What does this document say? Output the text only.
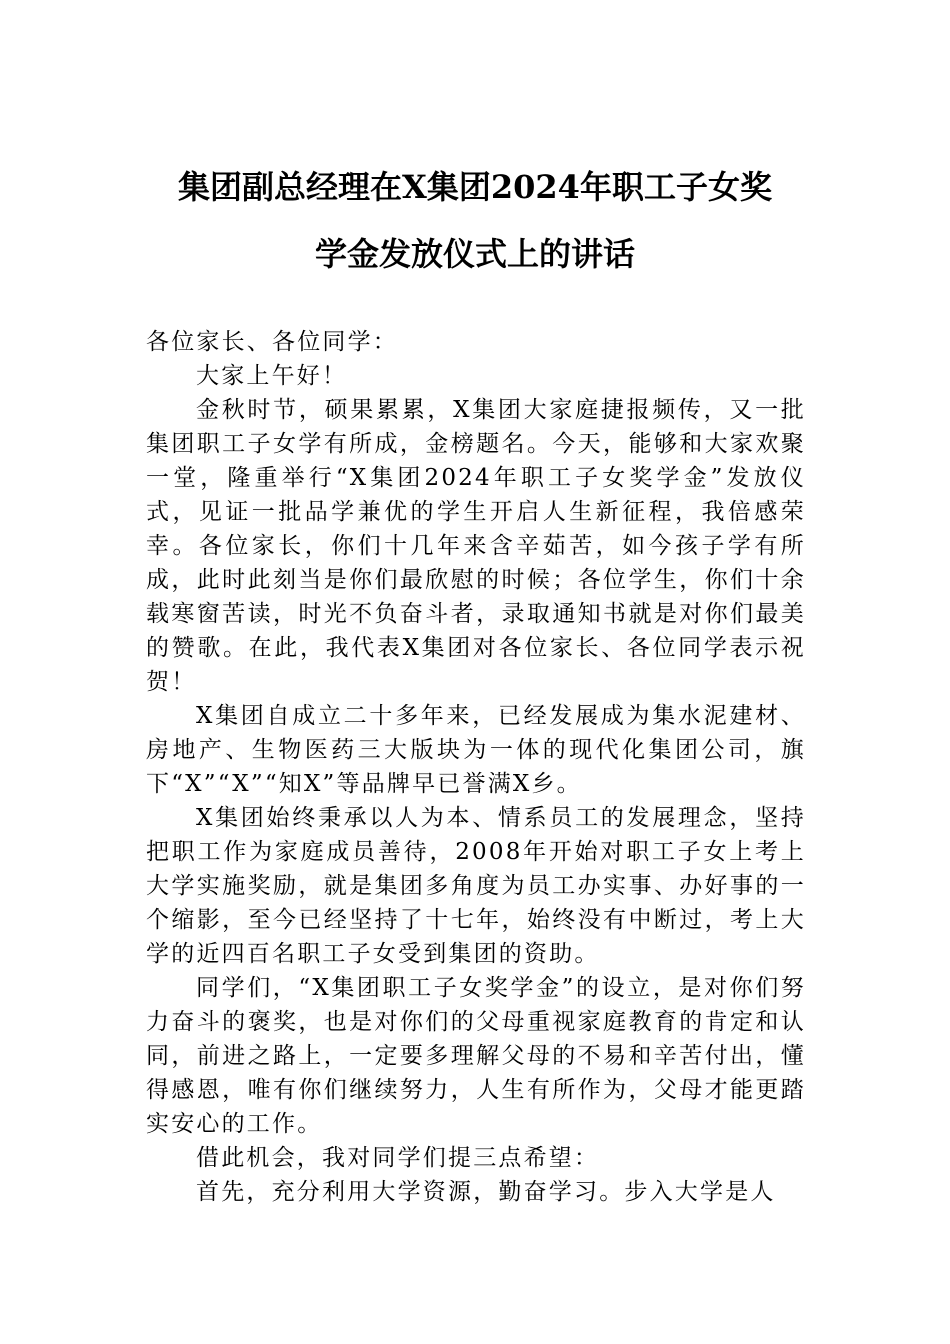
集团副总经理在X集团2024年职工子女奖
学金发放仪式上的讲话

各位家长、各位同学：

大家上午好！

金秋时节，硕果累累，X集团大家庭捷报频传，又一批集团职工子女学有所成，金榜题名。今天，能够和大家欢聚一堂，隆重举行“X集团2024年职工子女奖学金”发放仪式，见证一批品学兼优的学生开启人生新征程，我倍感荣幸。各位家长，你们十几年来含辛茹苦，如今孩子学有所成，此时此刻当是你们最欣慰的时候；各位学生，你们十余载寒窗苦读，时光不负奋斗者，录取通知书就是对你们最美的赞歌。在此，我代表X集团对各位家长、各位同学表示祝贺！

X集团自成立二十多年来，已经发展成为集水泥建材、房地产、生物医药三大版块为一体的现代化集团公司，旗下“X”“X”“知X”等品牌早已誉满X乡。

X集团始终秉承以人为本、情系员工的发展理念，坚持把职工作为家庭成员善待，2008年开始对职工子女上考上大学实施奖励，就是集团多角度为员工办实事、办好事的一个缩影，至今已经坚持了十七年，始终没有中断过，考上大学的近四百名职工子女受到集团的资助。

同学们，“X集团职工子女奖学金”的设立，是对你们努力奋斗的褒奖，也是对你们的父母重视家庭教育的肯定和认同，前进之路上，一定要多理解父母的不易和辛苦付出，懂得感恩，唯有你们继续努力，人生有所作为，父母才能更踏实安心的工作。

借此机会，我对同学们提三点希望：

首先，充分利用大学资源，勤奋学习。步入大学是人
